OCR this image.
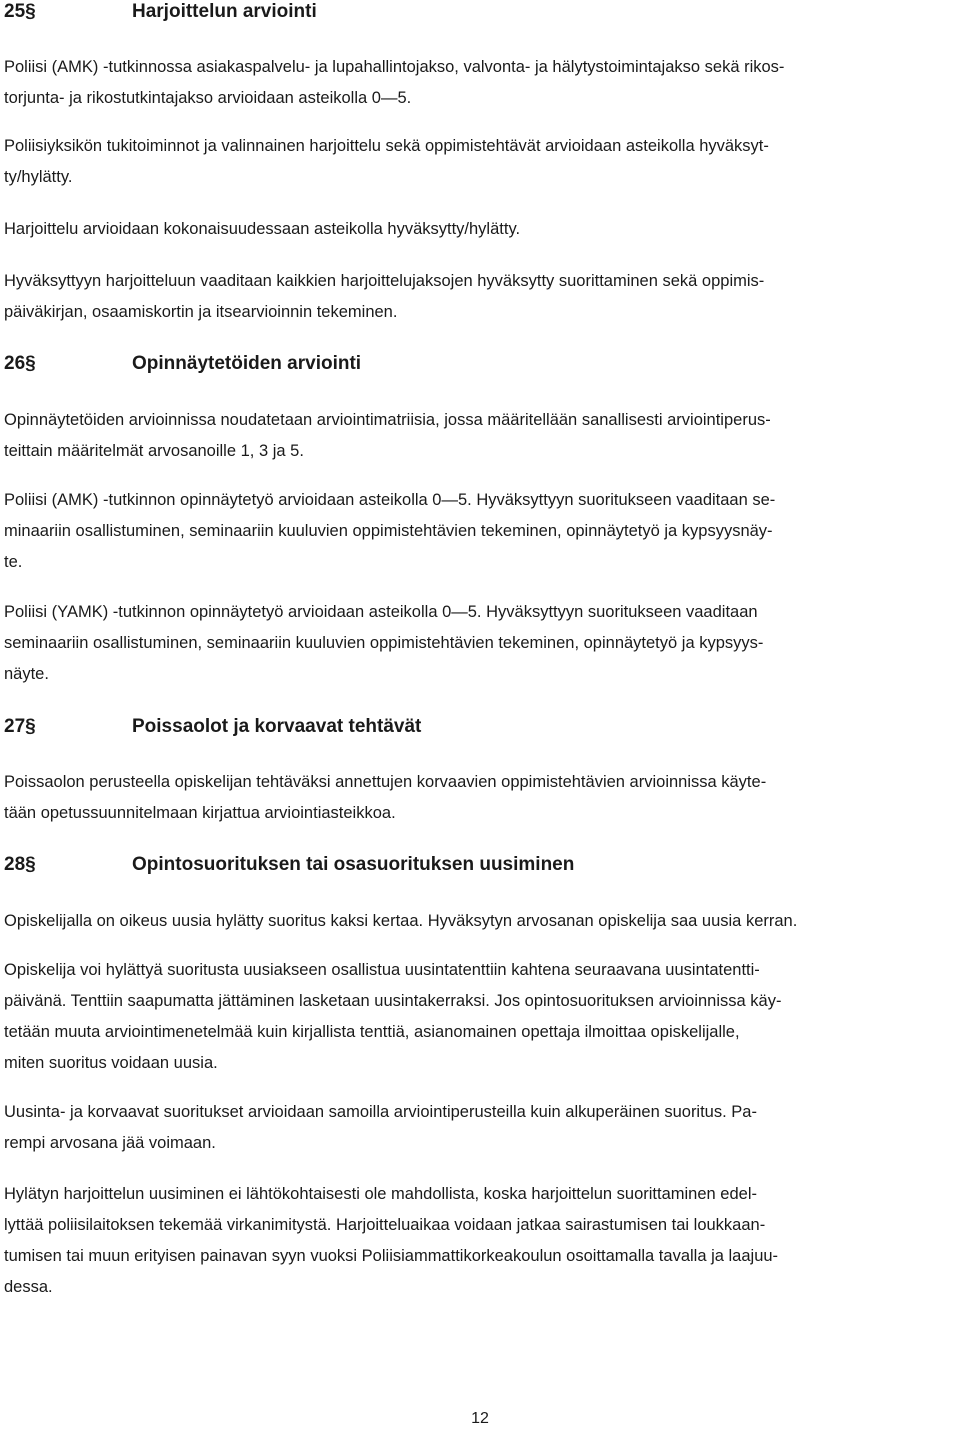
25§	Harjoittelun arviointi
Poliisi (AMK) -tutkinnossa asiakaspalvelu- ja lupahallintojakso, valvonta- ja hälytystoimintajakso sekä rikos-
torjunta- ja rikostutkintajakso arvioidaan asteikolla 0—5.
Poliisiyksikön tukitoiminnot ja valinnainen harjoittelu sekä oppimistehtävät arvioidaan asteikolla hyväksyt-
ty/hylätty.
Harjoittelu arvioidaan kokonaisuudessaan asteikolla hyväksytty/hylätty.
Hyväksyttyyn harjoitteluun vaaditaan kaikkien harjoittelujaksojen hyväksytty suorittaminen sekä oppimis-
päiväkirjan, osaamiskortin ja itsearvioinnin tekeminen.
26§	Opinnäytetöiden arviointi
Opinnäytetöiden arvioinnissa noudatetaan arviointimatriisia, jossa määritellään sanallisesti arviointiperus-
teittain määritelmät arvosanoille 1, 3 ja 5.
Poliisi (AMK) -tutkinnon opinnäytetyö arvioidaan asteikolla 0—5. Hyväksyttyyn suoritukseen vaaditaan se-
minaariin osallistuminen, seminaariin kuuluvien oppimistehtävien tekeminen, opinnäytetyö ja kypsyysnäy-
te.
Poliisi (YAMK) -tutkinnon opinnäytetyö arvioidaan asteikolla 0—5. Hyväksyttyyn suoritukseen vaaditaan
seminaariin osallistuminen, seminaariin kuuluvien oppimistehtävien tekeminen, opinnäytetyö ja kypsyys-
näyte.
27§	Poissaolot ja korvaavat tehtävät
Poissaolon perusteella opiskelijan tehtäväksi annettujen korvaavien oppimistehtävien arvioinnissa käyte-
tään opetussuunnitelmaan kirjattua arviointiasteikkoa.
28§	Opintosuorituksen tai osasuorituksen uusiminen
Opiskelijalla on oikeus uusia hylätty suoritus kaksi kertaa. Hyväksytyn arvosanan opiskelija saa uusia kerran.
Opiskelija voi hylättyä suoritusta uusiakseen osallistua uusintatenttiin kahtena seuraavana uusintatentti-
päivänä. Tenttiin saapumatta jättäminen lasketaan uusintakerraksi. Jos opintosuorituksen arvioinnissa käy-
tetään muuta arviointimenetelmää kuin kirjallista tenttiä, asianomainen opettaja ilmoittaa opiskelijalle,
miten suoritus voidaan uusia.
Uusinta- ja korvaavat suoritukset arvioidaan samoilla arviointiperusteilla kuin alkuperäinen suoritus. Pa-
rempi arvosana jää voimaan.
Hylätyn harjoittelun uusiminen ei lähtökohtaisesti ole mahdollista, koska harjoittelun suorittaminen edel-
lyttää poliisilaitoksen tekemää virkanimitystä. Harjoitteluaikaa voidaan jatkaa sairastumisen tai loukkaan-
tumisen tai muun erityisen painavan syyn vuoksi Poliisiammattikorkeakoulun osoittamalla tavalla ja laajuu-
dessa.
12
